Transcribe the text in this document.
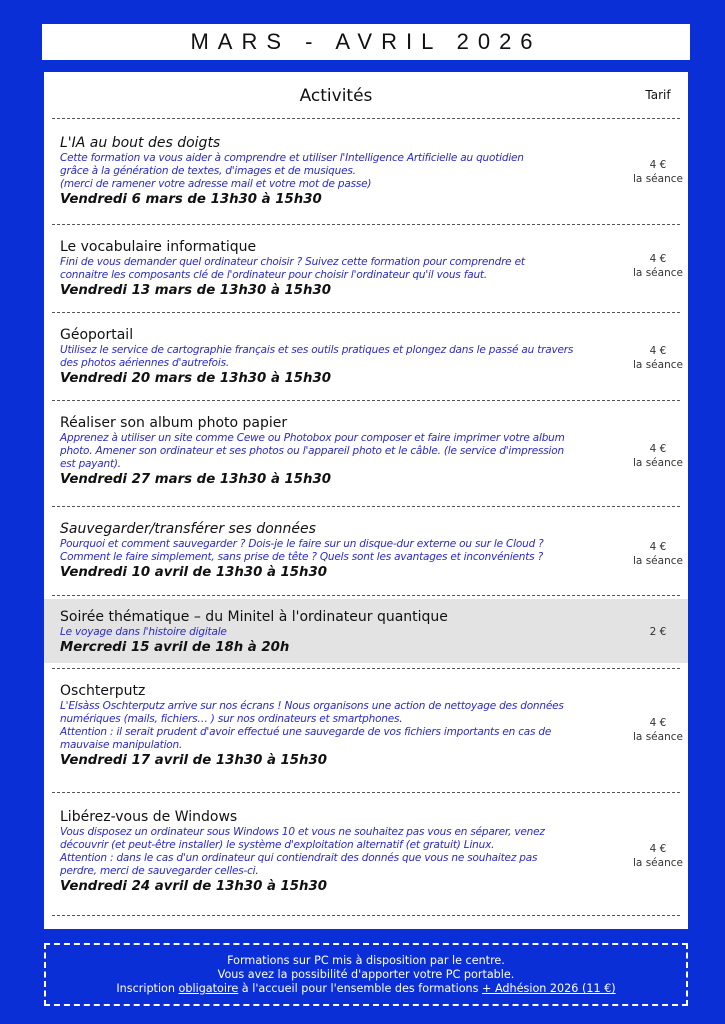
MARS - AVRIL 2026
Activités	Tarif
L'IA au bout des doigts
Cette formation va vous aider à comprendre et utiliser l'Intelligence Artificielle au quotidien
grâce à la génération de textes, d'images et de musiques.
(merci de ramener votre adresse mail et votre mot de passe)
Vendredi 6 mars de 13h30 à 15h30
4 €
la séance
Le vocabulaire informatique
Fini de vous demander quel ordinateur choisir ? Suivez cette formation pour comprendre et
connaitre les composants clé de l'ordinateur pour choisir l'ordinateur qu'il vous faut.
Vendredi 13 mars de 13h30 à 15h30
4 €
la séance
Géoportail
Utilisez le service de cartographie français et ses outils pratiques et plongez dans le passé au travers
des photos aériennes d'autrefois.
Vendredi 20 mars de 13h30 à 15h30
4 €
la séance
Réaliser son album photo papier
Apprenez à utiliser un site comme Cewe ou Photobox pour composer et faire imprimer votre album
photo. Amener son ordinateur et ses photos ou l'appareil photo et le câble. (le service d'impression
est payant).
Vendredi 27 mars de 13h30 à 15h30
4 €
la séance
Sauvegarder/transférer ses données
Pourquoi et comment sauvegarder ? Dois-je le faire sur un disque-dur externe ou sur le Cloud ?
Comment le faire simplement, sans prise de tête ? Quels sont les avantages et inconvénients ?
Vendredi 10 avril de 13h30 à 15h30
4 €
la séance
Soirée thématique – du Minitel à l'ordinateur quantique
Le voyage dans l'histoire digitale
Mercredi 15 avril de 18h à 20h
2 €
Oschterputz
L'Elsàss Oschterputz arrive sur nos écrans ! Nous organisons une action de nettoyage des données
numériques (mails, fichiers… ) sur nos ordinateurs et smartphones.
Attention : il serait prudent d'avoir effectué une sauvegarde de vos fichiers importants en cas de
mauvaise manipulation.
Vendredi 17 avril de 13h30 à 15h30
4 €
la séance
Libérez-vous de Windows
Vous disposez un ordinateur sous Windows 10 et vous ne souhaitez pas vous en séparer, venez
découvrir (et peut-être installer) le système d'exploitation alternatif (et gratuit) Linux.
Attention : dans le cas d'un ordinateur qui contiendrait des donnés que vous ne souhaitez pas
perdre, merci de sauvegarder celles-ci.
Vendredi 24 avril de 13h30 à 15h30
4 €
la séance
Formations sur PC mis à disposition par le centre.
Vous avez la possibilité d'apporter votre PC portable.
Inscription obligatoire à l'accueil pour l'ensemble des formations + Adhésion 2026 (11 €)
